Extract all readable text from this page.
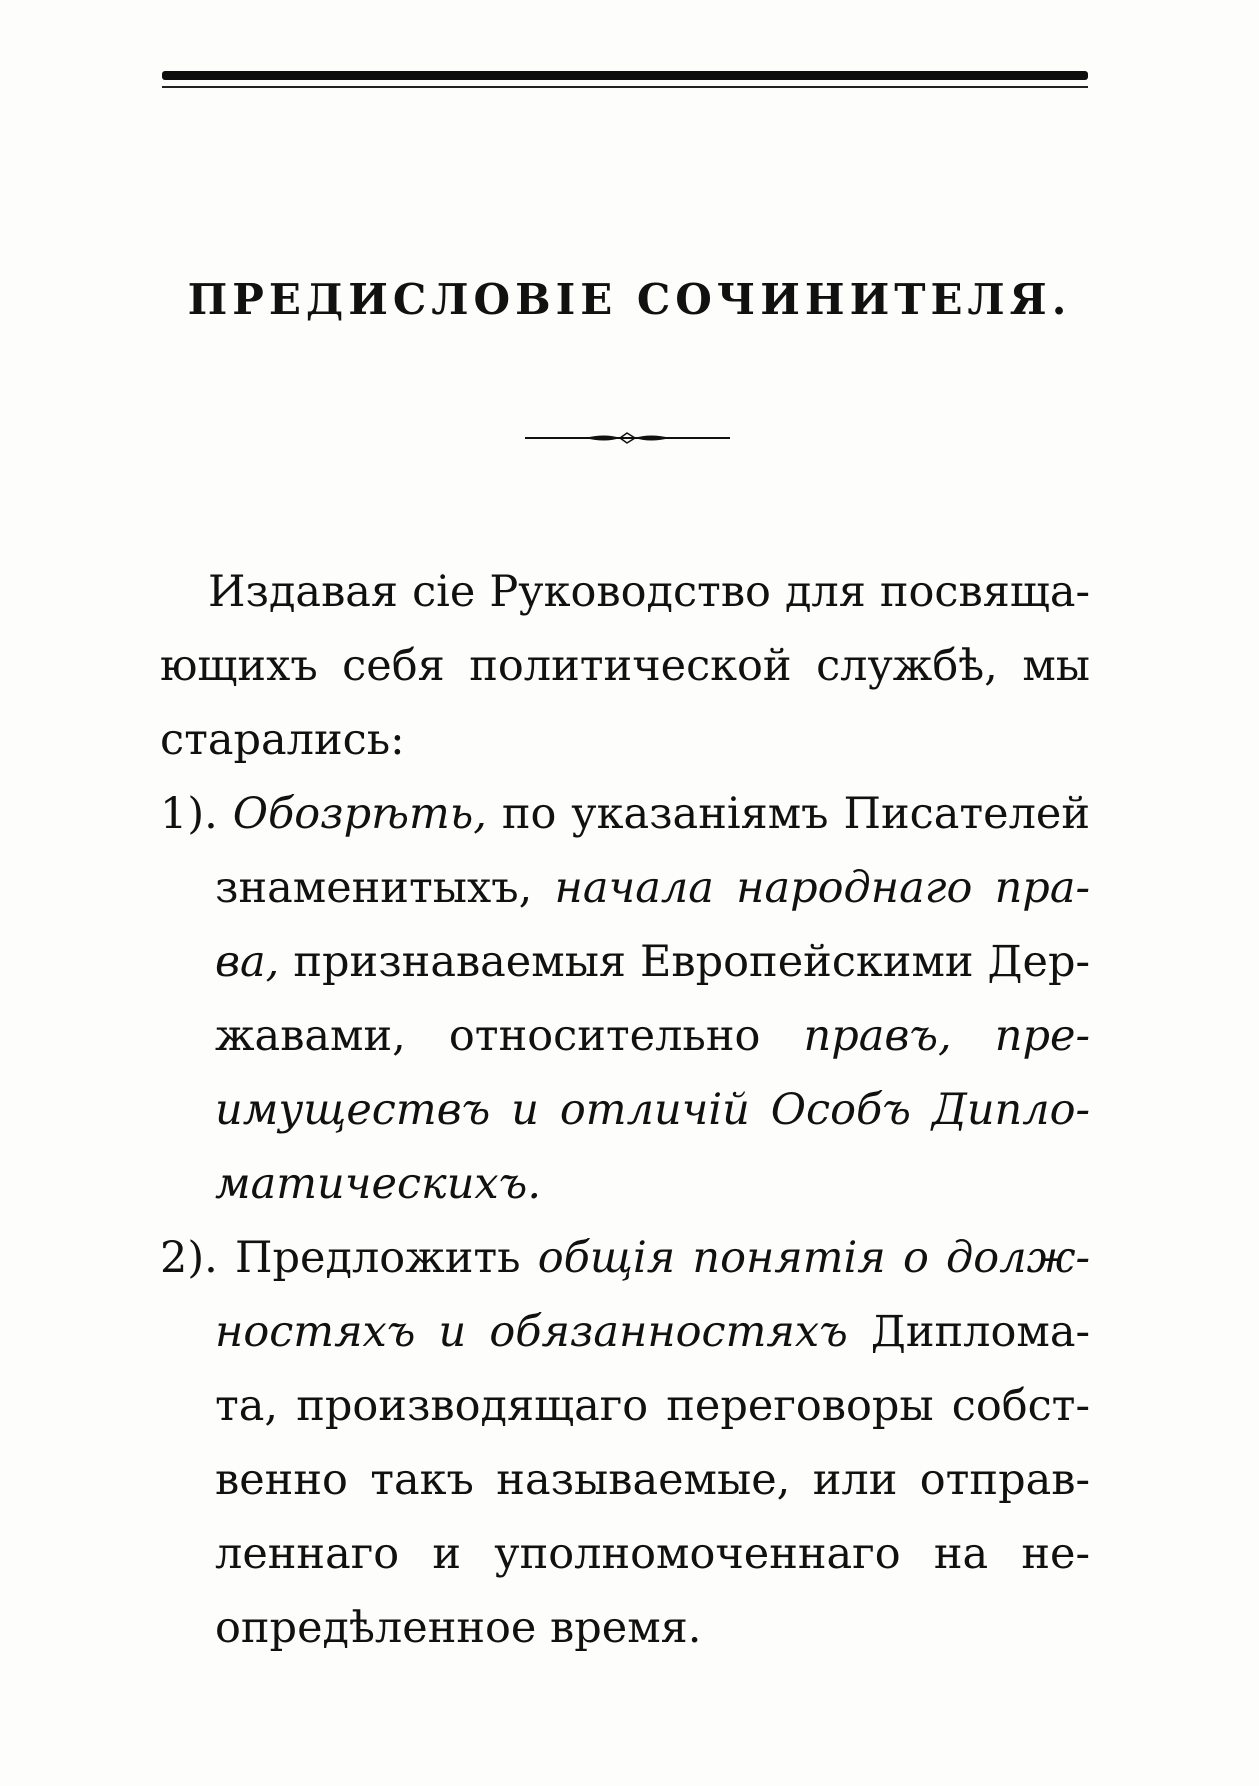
ПРЕДИСЛОВІЕ СОЧИНИТЕЛЯ.
Издавая сіе Руководство для посвяща-
ющихъ себя политической службѣ, мы
старались:
1). Обозрѣть, по указаніямъ Писателей
знаменитыхъ, начала народнаго пра-
ва, признаваемыя Европейскими Дер-
жавами, относительно правъ, пре-
имуществъ и отличій Особъ Дипло-
матическихъ.
2). Предложить общія понятія о долж-
ностяхъ и обязанностяхъ Диплома-
та, производящаго переговоры собст-
венно такъ называемые, или отправ-
леннаго и уполномоченнаго на не-
опредѣленное время.
